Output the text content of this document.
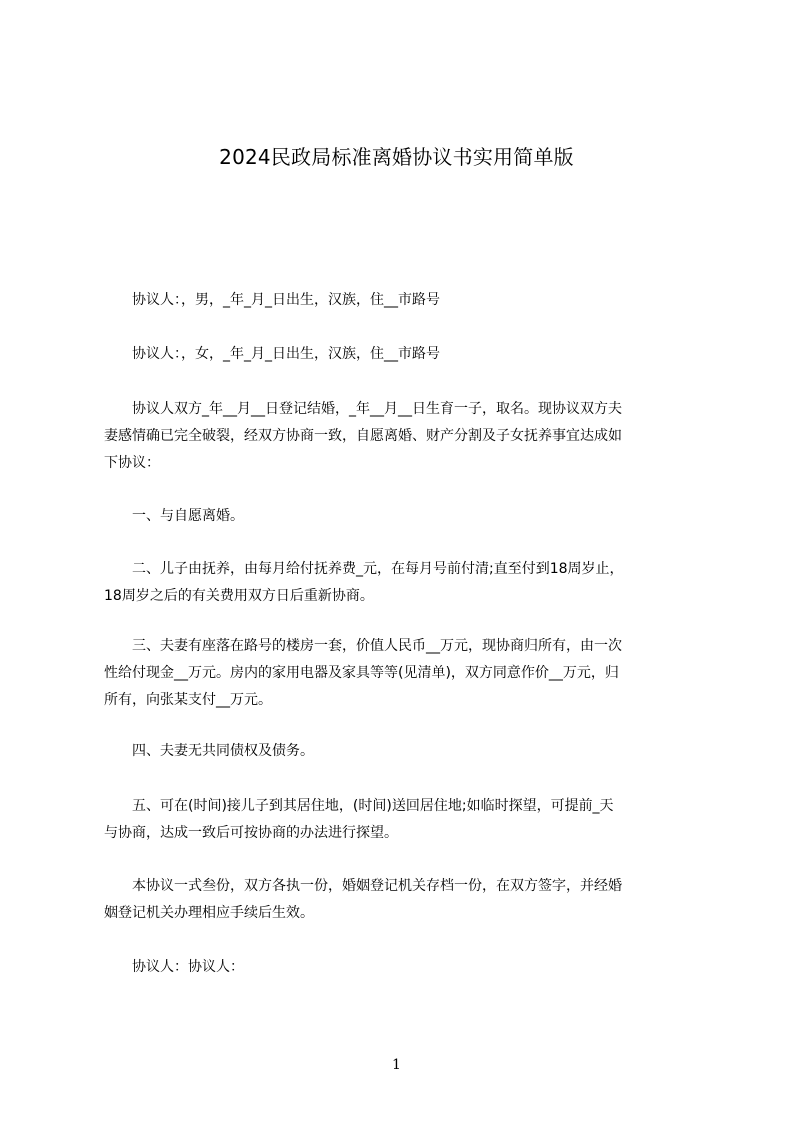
2024民政局标准离婚协议书实用简单版
　　协议人：，男，_年_月_日出生，汉族，住__市路号
　　协议人：，女，_年_月_日出生，汉族，住__市路号
　　协议人双方_年__月__日登记结婚，_年__月__日生育一子，取名。现协议双方夫
妻感情确已完全破裂，经双方协商一致，自愿离婚、财产分割及子女抚养事宜达成如
下协议：
　　一、与自愿离婚。
　　二、儿子由抚养，由每月给付抚养费_元，在每月号前付清;直至付到18周岁止，
18周岁之后的有关费用双方日后重新协商。
　　三、夫妻有座落在路号的楼房一套，价值人民币__万元，现协商归所有，由一次
性给付现金__万元。房内的家用电器及家具等等(见清单)，双方同意作价__万元，归
所有，向张某支付__万元。
　　四、夫妻无共同债权及债务。
　　五、可在(时间)接儿子到其居住地，(时间)送回居住地;如临时探望，可提前_天
与协商，达成一致后可按协商的办法进行探望。
　　本协议一式叁份，双方各执一份，婚姻登记机关存档一份，在双方签字，并经婚
姻登记机关办理相应手续后生效。
　　协议人：协议人：
1
